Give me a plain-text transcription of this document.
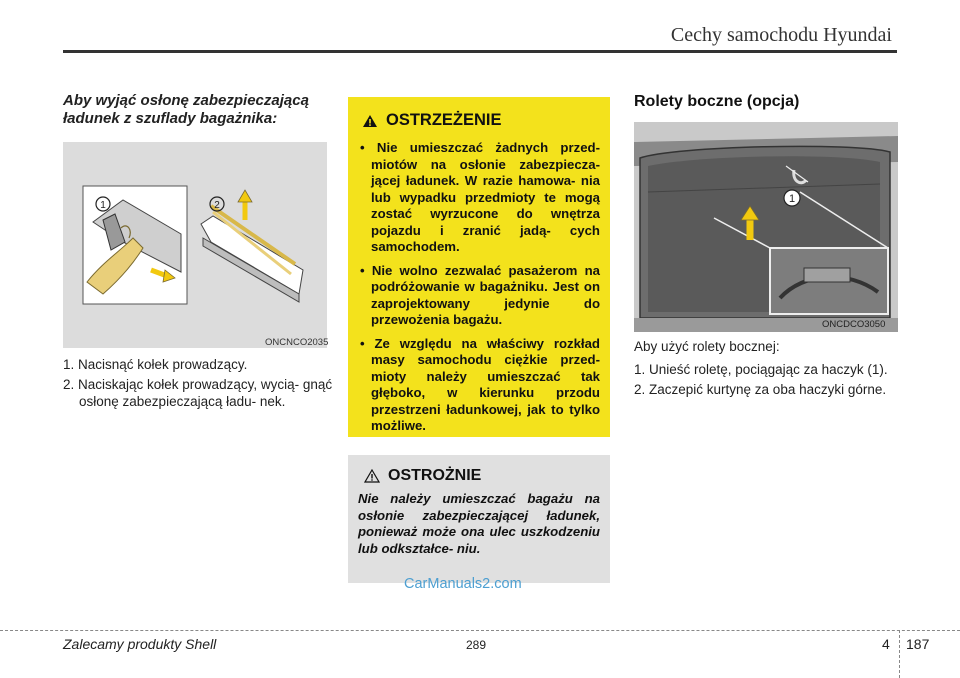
Cechy samochodu Hyundai
Aby wyjąć osłonę zabezpieczającą ładunek z szuflady bagażnika:
1	2
ONCNCO2035
1. Nacisnąć kołek prowadzący.
2. Naciskając kołek prowadzący, wycią- gnąć osłonę zabezpieczającą ładu- nek.
OSTRZEŻENIE
• Nie umieszczać żadnych przed- miotów na osłonie zabezpiecza- jącej ładunek. W razie hamowa- nia lub wypadku przedmioty te mogą zostać wyrzucone do wnętrza pojazdu i zranić jadą- cych samochodem.
• Nie wolno zezwalać pasażerom na podróżowanie w bagażniku. Jest on zaprojektowany jedynie do przewożenia bagażu.
• Ze względu na właściwy rozkład masy samochodu ciężkie przed- mioty należy umieszczać tak głęboko, w kierunku przodu przestrzeni ładunkowej, jak to tylko możliwe.
OSTROŻNIE
Nie należy umieszczać bagażu na osłonie zabezpieczającej ładunek, ponieważ może ona ulec uszkodzeniu lub odkształce- niu.
CarManuals2.com
Rolety boczne (opcja)
1
ONCDCO3050
Aby użyć rolety bocznej:
1. Unieść roletę, pociągając za haczyk (1).
2. Zaczepić kurtynę za oba haczyki górne.
Zalecamy produkty Shell	289	4 187
